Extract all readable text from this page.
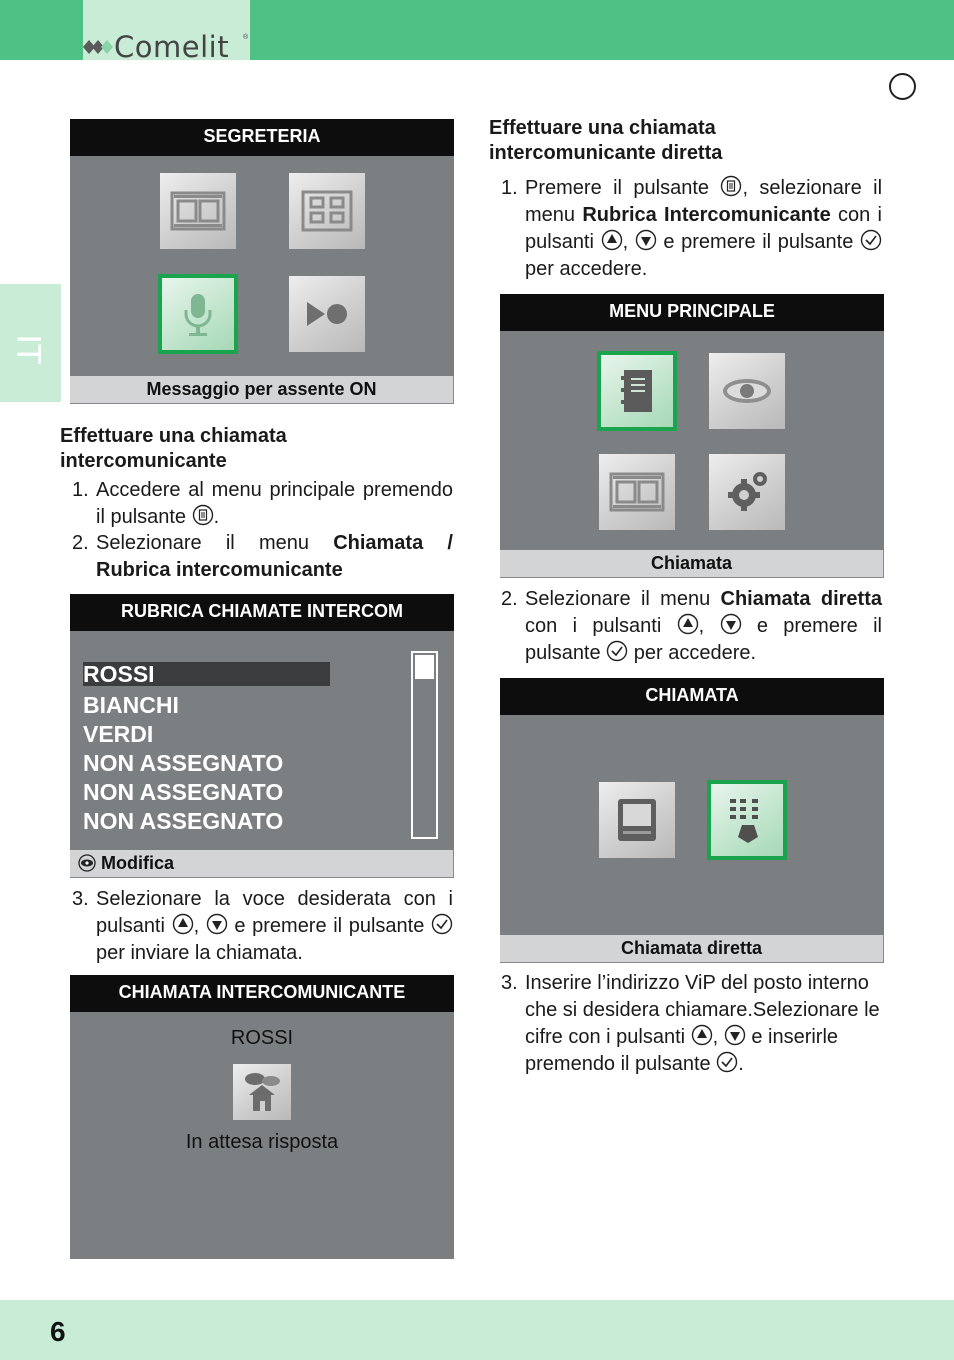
Comelit ®
IT
SEGRETERIA
Messaggio per assente ON
Effettuare una chiamata
intercomunicante
1. Accedere al menu principale premendo il pulsante .
2. Selezionare il menu Chiamata / Rubrica intercomunicante
RUBRICA CHIAMATE INTERCOM
ROSSI
BIANCHI
VERDI
NON ASSEGNATO
NON ASSEGNATO
NON ASSEGNATO
Modifica
3. Selezionare la voce desiderata con i pulsanti , e premere il pulsante  per inviare la chiamata.
CHIAMATA INTERCOMUNICANTE
ROSSI
In attesa risposta
Effettuare una chiamata
intercomunicante diretta
1. Premere il pulsante , selezionare il menu Rubrica Intercomunicante con i pulsanti , e premere il pulsante  per accedere.
MENU PRINCIPALE
Chiamata
2. Selezionare il menu Chiamata diretta con i pulsanti ,	e premere il pulsante per accedere.
CHIAMATA
Chiamata diretta
3. Inserire l’indirizzo ViP del posto interno che si desidera chiamare.Selezionare le cifre con i pulsanti , e inserirle premendo il pulsante .
6
